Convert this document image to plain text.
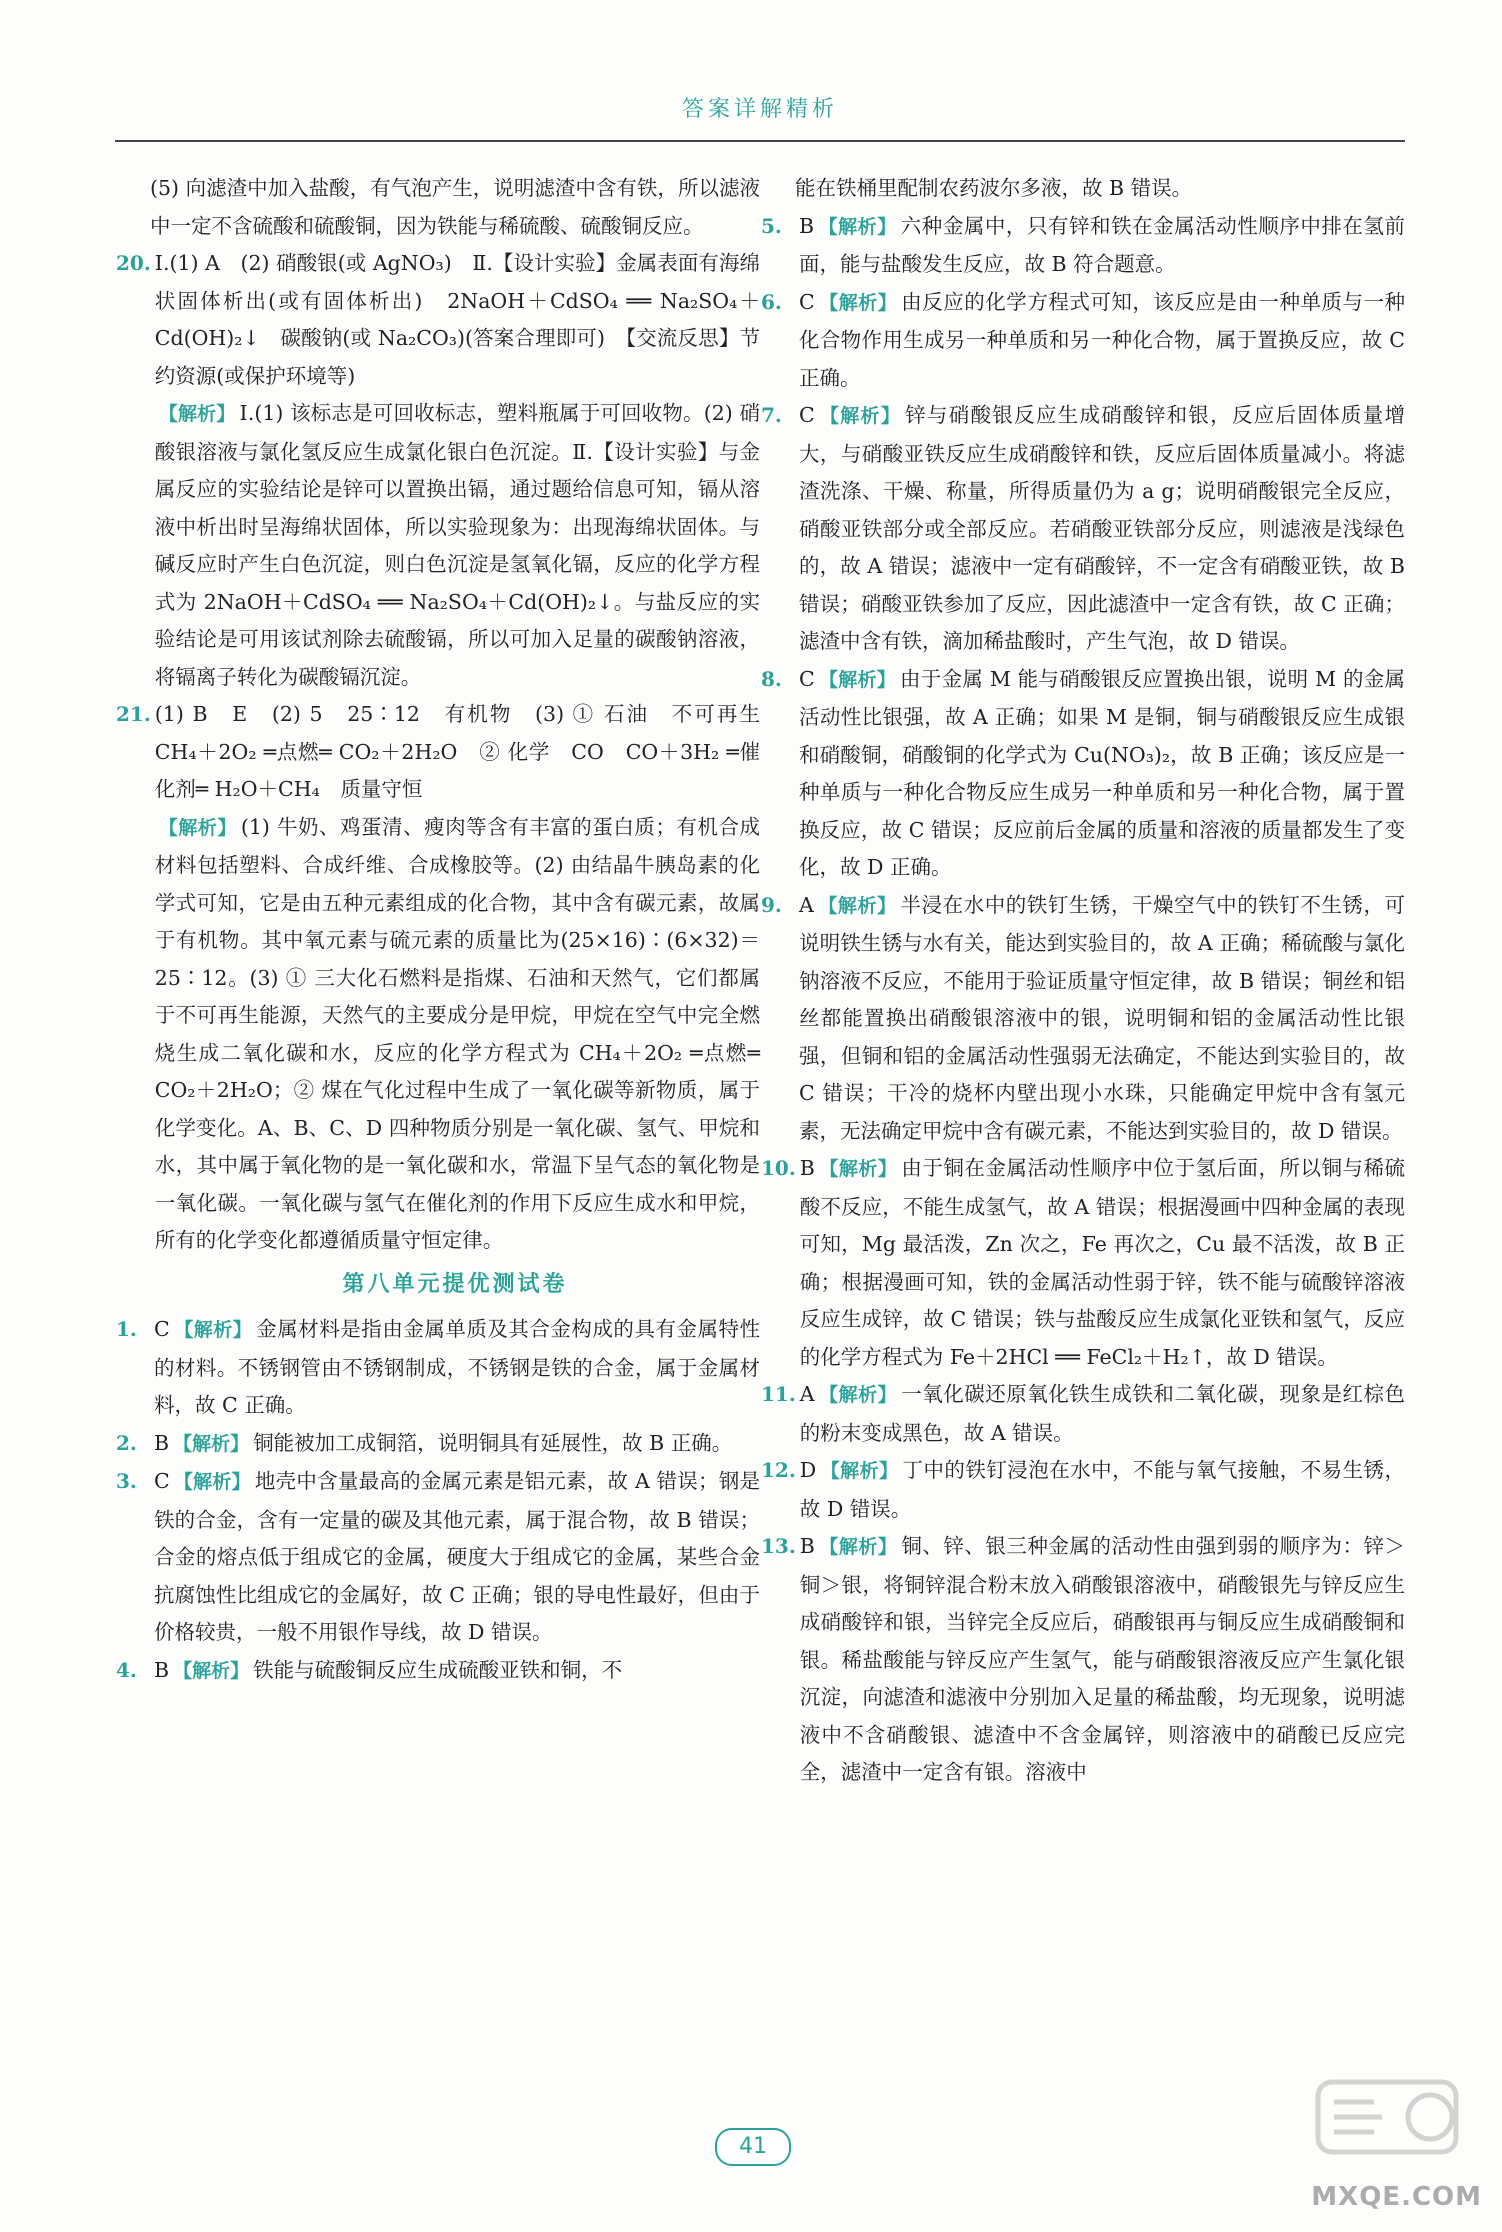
答案详解精析

(5) 向滤渣中加入盐酸，有气泡产生，说明滤渣中含有铁，所以滤液中一定不含硫酸和硫酸铜，因为铁能与稀硫酸、硫酸铜反应。

20. Ⅰ.(1) A　(2) 硝酸银(或 AgNO₃)　Ⅱ.【设计实验】金属表面有海绵状固体析出(或有固体析出)　2NaOH＋CdSO₄ ══ Na₂SO₄＋Cd(OH)₂↓　碳酸钠(或 Na₂CO₃)(答案合理即可)　【交流反思】节约资源(或保护环境等)
【解析】 Ⅰ.(1) 该标志是可回收标志，塑料瓶属于可回收物。(2) 硝酸银溶液与氯化氢反应生成氯化银白色沉淀。Ⅱ.【设计实验】与金属反应的实验结论是锌可以置换出镉，通过题给信息可知，镉从溶液中析出时呈海绵状固体，所以实验现象为：出现海绵状固体。与碱反应时产生白色沉淀，则白色沉淀是氢氧化镉，反应的化学方程式为 2NaOH＋CdSO₄ ══ Na₂SO₄＋Cd(OH)₂↓。与盐反应的实验结论是可用该试剂除去硫酸镉，所以可加入足量的碳酸钠溶液，将镉离子转化为碳酸镉沉淀。
21. (1) B　E　(2) 5　25∶12　有机物　(3) ① 石油　不可再生　CH₄＋2O₂ ═点燃═ CO₂＋2H₂O　② 化学　CO　CO＋3H₂ ═催化剂═ H₂O＋CH₄　质量守恒
【解析】 (1) 牛奶、鸡蛋清、瘦肉等含有丰富的蛋白质；有机合成材料包括塑料、合成纤维、合成橡胶等。(2) 由结晶牛胰岛素的化学式可知，它是由五种元素组成的化合物，其中含有碳元素，故属于有机物。其中氧元素与硫元素的质量比为(25×16)∶(6×32)＝25∶12。(3) ① 三大化石燃料是指煤、石油和天然气，它们都属于不可再生能源，天然气的主要成分是甲烷，甲烷在空气中完全燃烧生成二氧化碳和水，反应的化学方程式为 CH₄＋2O₂ ═点燃═ CO₂＋2H₂O；② 煤在气化过程中生成了一氧化碳等新物质，属于化学变化。A、B、C、D 四种物质分别是一氧化碳、氢气、甲烷和水，其中属于氧化物的是一氧化碳和水，常温下呈气态的氧化物是一氧化碳。一氧化碳与氢气在催化剂的作用下反应生成水和甲烷，所有的化学变化都遵循质量守恒定律。
第八单元提优测试卷
1. C 【解析】 金属材料是指由金属单质及其合金构成的具有金属特性的材料。不锈钢管由不锈钢制成，不锈钢是铁的合金，属于金属材料，故 C 正确。
2. B 【解析】 铜能被加工成铜箔，说明铜具有延展性，故 B 正确。
3. C 【解析】 地壳中含量最高的金属元素是铝元素，故 A 错误；钢是铁的合金，含有一定量的碳及其他元素，属于混合物，故 B 错误；合金的熔点低于组成它的金属，硬度大于组成它的金属，某些合金抗腐蚀性比组成它的金属好，故 C 正确；银的导电性最好，但由于价格较贵，一般不用银作导线，故 D 错误。
4. B 【解析】 铁能与硫酸铜反应生成硫酸亚铁和铜，不

能在铁桶里配制农药波尔多液，故 B 错误。

5. B 【解析】 六种金属中，只有锌和铁在金属活动性顺序中排在氢前面，能与盐酸发生反应，故 B 符合题意。
6. C 【解析】 由反应的化学方程式可知，该反应是由一种单质与一种化合物作用生成另一种单质和另一种化合物，属于置换反应，故 C 正确。
7. C 【解析】 锌与硝酸银反应生成硝酸锌和银，反应后固体质量增大，与硝酸亚铁反应生成硝酸锌和铁，反应后固体质量减小。将滤渣洗涤、干燥、称量，所得质量仍为 a g；说明硝酸银完全反应，硝酸亚铁部分或全部反应。若硝酸亚铁部分反应，则滤液是浅绿色的，故 A 错误；滤液中一定有硝酸锌，不一定含有硝酸亚铁，故 B 错误；硝酸亚铁参加了反应，因此滤渣中一定含有铁，故 C 正确；滤渣中含有铁，滴加稀盐酸时，产生气泡，故 D 错误。
8. C 【解析】 由于金属 M 能与硝酸银反应置换出银，说明 M 的金属活动性比银强，故 A 正确；如果 M 是铜，铜与硝酸银反应生成银和硝酸铜，硝酸铜的化学式为 Cu(NO₃)₂，故 B 正确；该反应是一种单质与一种化合物反应生成另一种单质和另一种化合物，属于置换反应，故 C 错误；反应前后金属的质量和溶液的质量都发生了变化，故 D 正确。
9. A 【解析】 半浸在水中的铁钉生锈，干燥空气中的铁钉不生锈，可说明铁生锈与水有关，能达到实验目的，故 A 正确；稀硫酸与氯化钠溶液不反应，不能用于验证质量守恒定律，故 B 错误；铜丝和铝丝都能置换出硝酸银溶液中的银，说明铜和铝的金属活动性比银强，但铜和铝的金属活动性强弱无法确定，不能达到实验目的，故 C 错误；干冷的烧杯内壁出现小水珠，只能确定甲烷中含有氢元素，无法确定甲烷中含有碳元素，不能达到实验目的，故 D 错误。
10. B 【解析】 由于铜在金属活动性顺序中位于氢后面，所以铜与稀硫酸不反应，不能生成氢气，故 A 错误；根据漫画中四种金属的表现可知，Mg 最活泼，Zn 次之，Fe 再次之，Cu 最不活泼，故 B 正确；根据漫画可知，铁的金属活动性弱于锌，铁不能与硫酸锌溶液反应生成锌，故 C 错误；铁与盐酸反应生成氯化亚铁和氢气，反应的化学方程式为 Fe＋2HCl ══ FeCl₂＋H₂↑，故 D 错误。
11. A 【解析】 一氧化碳还原氧化铁生成铁和二氧化碳，现象是红棕色的粉末变成黑色，故 A 错误。
12. D 【解析】 丁中的铁钉浸泡在水中，不能与氧气接触，不易生锈，故 D 错误。
13. B 【解析】 铜、锌、银三种金属的活动性由强到弱的顺序为：锌＞铜＞银，将铜锌混合粉末放入硝酸银溶液中，硝酸银先与锌反应生成硝酸锌和银，当锌完全反应后，硝酸银再与铜反应生成硝酸铜和银。稀盐酸能与锌反应产生氢气，能与硝酸银溶液反应产生氯化银沉淀，向滤渣和滤液中分别加入足量的稀盐酸，均无现象，说明滤液中不含硝酸银、滤渣中不含金属锌，则溶液中的硝酸已反应完全，滤渣中一定含有银。溶液中
41
MXQE.COM
